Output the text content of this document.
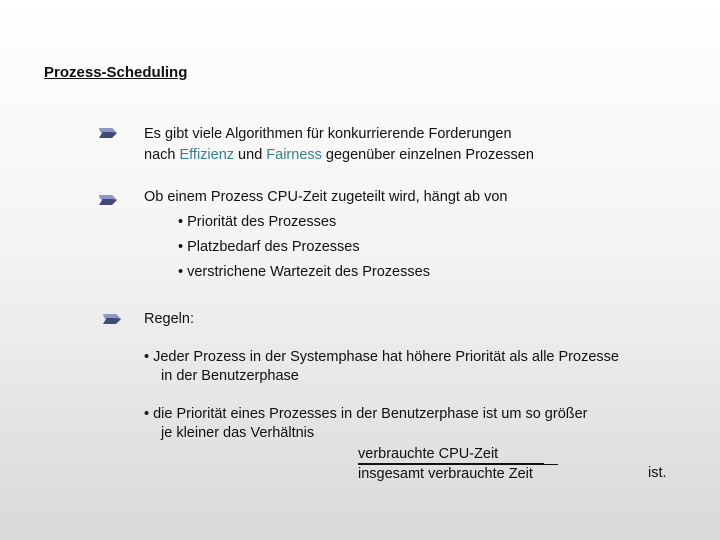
Prozess-Scheduling
Es gibt viele Algorithmen für konkurrierende Forderungen
nach Effizienz und Fairness gegenüber einzelnen Prozessen
Ob einem Prozess CPU-Zeit zugeteilt wird, hängt ab von
• Priorität des Prozesses
• Platzbedarf des Prozesses
• verstrichene Wartezeit des Prozesses
Regeln:
• Jeder Prozess in der Systemphase hat höhere Priorität als alle Prozesse
in der Benutzerphase
• die Priorität eines Prozesses in der Benutzerphase ist um so größer
je kleiner das Verhältnis
verbrauchte CPU-Zeit
insgesamt verbrauchte Zeit	ist.
